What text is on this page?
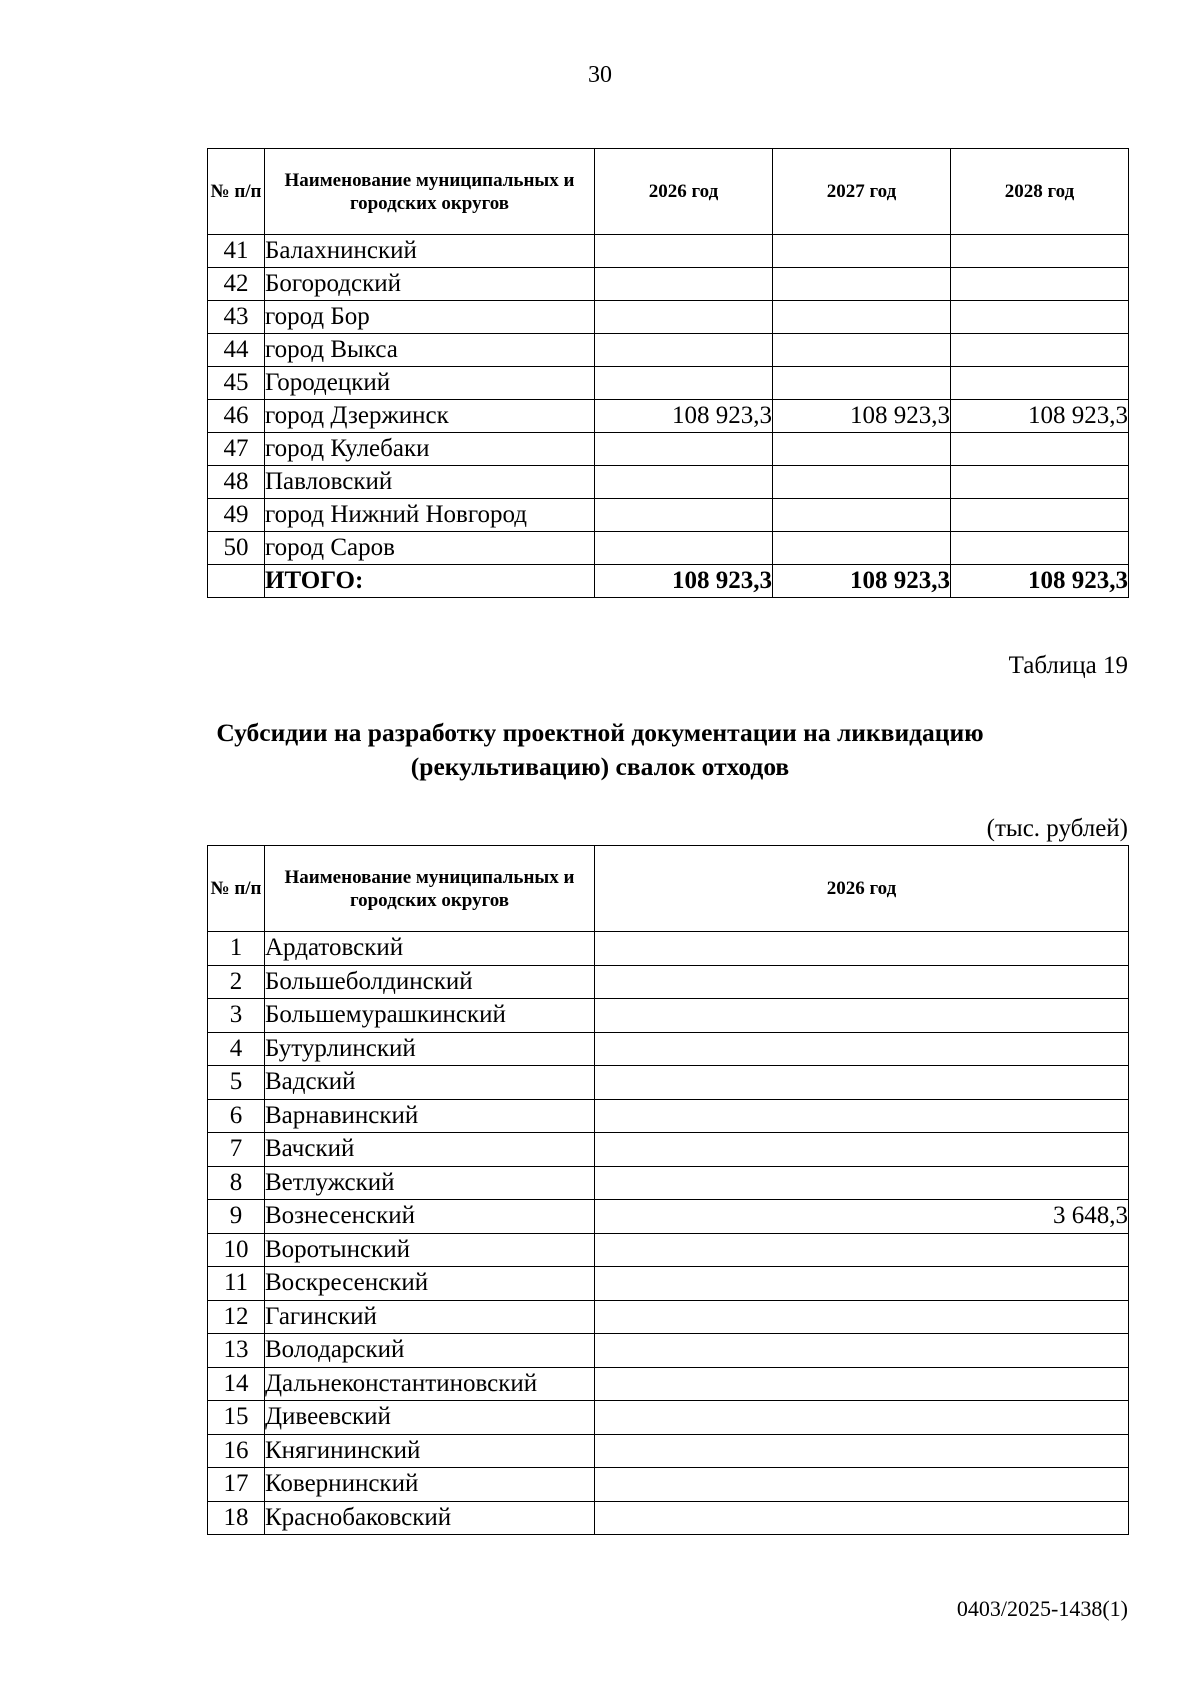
30
№ п/п	Наименование муниципальных и городских округов	2026 год	2027 год	2028 год
41	Балахнинский			
42	Богородский			
43	город Бор			
44	город Выкса			
45	Городецкий			
46	город Дзержинск	108 923,3	108 923,3	108 923,3
47	город Кулебаки			
48	Павловский			
49	город Нижний Новгород			
50	город Саров			
	ИТОГО:	108 923,3	108 923,3	108 923,3
Таблица 19
Субсидии на разработку проектной документации на ликвидацию
(рекультивацию) свалок отходов
(тыс. рублей)
№ п/п	Наименование муниципальных и городских округов	2026 год
1	Ардатовский	
2	Большеболдинский	
3	Большемурашкинский	
4	Бутурлинский	
5	Вадский	
6	Варнавинский	
7	Вачский	
8	Ветлужский	
9	Вознесенский	3 648,3
10	Воротынский	
11	Воскресенский	
12	Гагинский	
13	Володарский	
14	Дальнеконстантиновский	
15	Дивеевский	
16	Княгининский	
17	Ковернинский	
18	Краснобаковский	
0403/2025-1438(1)
